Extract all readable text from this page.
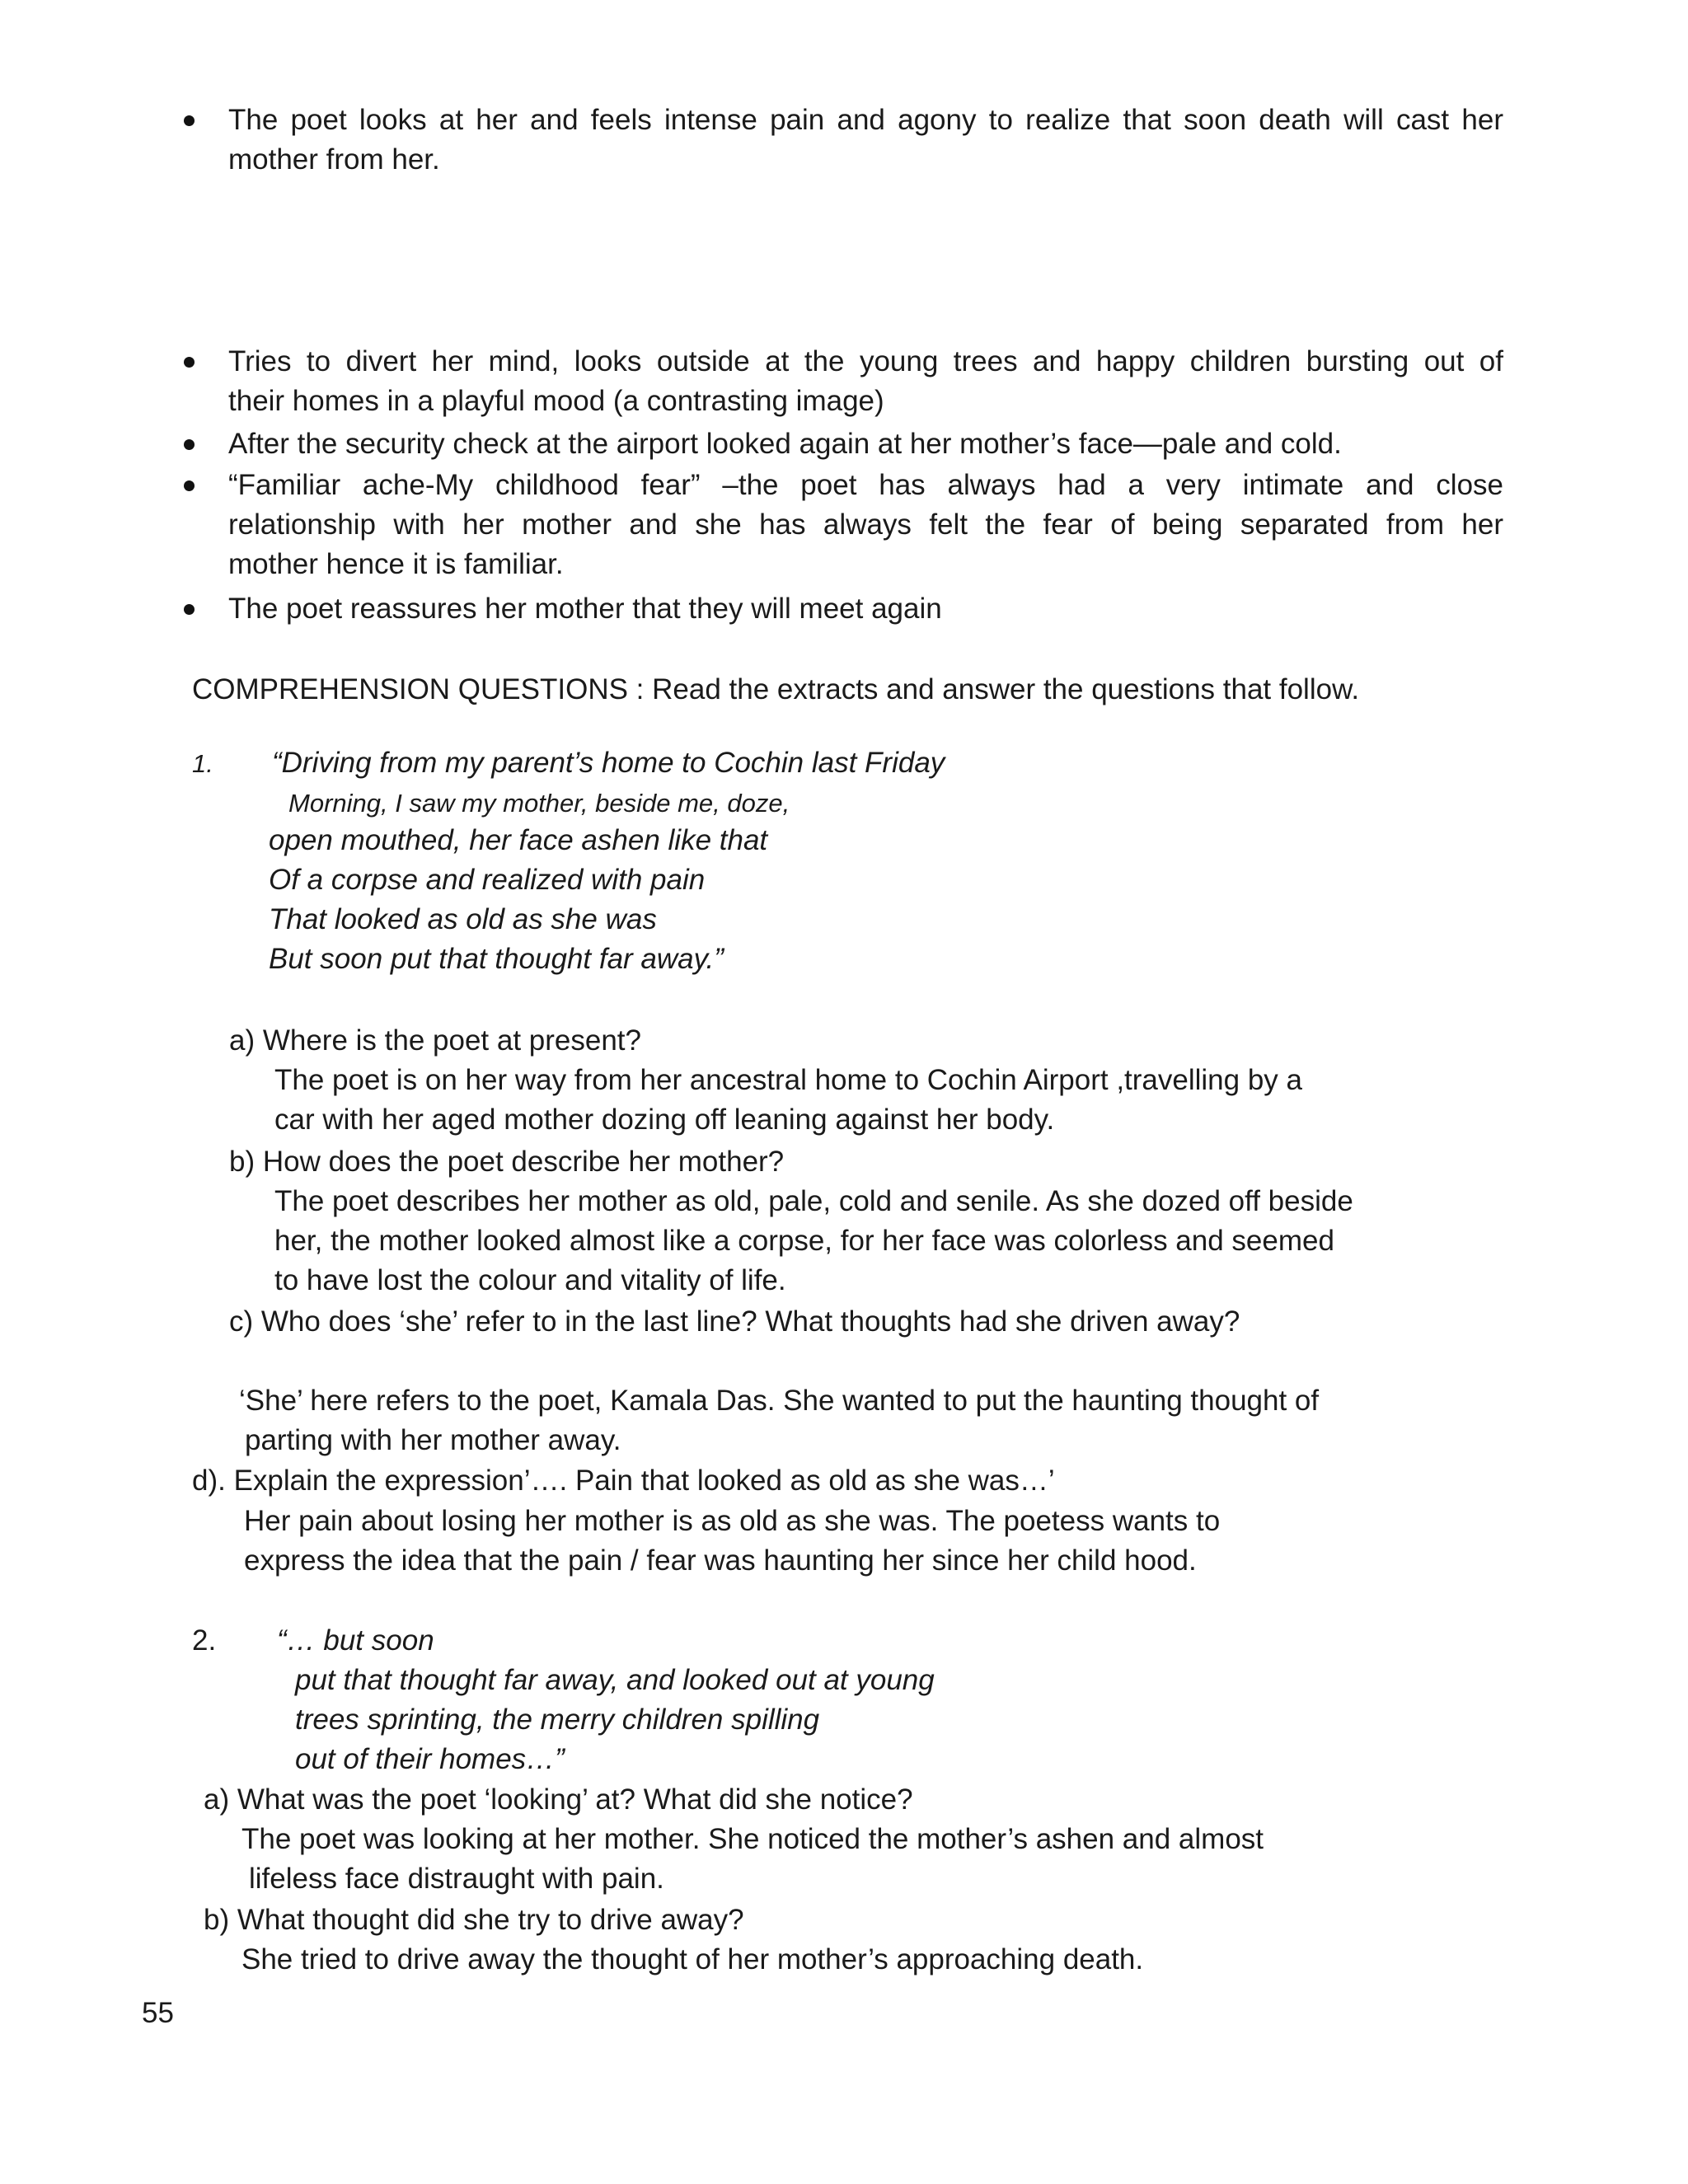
The poet looks at her and feels intense pain and agony to realize that soon death will cast her
mother from her.
Tries to divert her mind, looks outside at the young trees and happy children bursting out of
their homes in a playful mood (a contrasting image)
After the security check at the airport looked again at her mother’s face—pale and cold.
“Familiar ache-My childhood fear” –the poet has always had a very intimate and close
relationship with her mother and she has always felt the fear of being separated from her
mother hence it is familiar.
The poet reassures her mother that they will meet again
COMPREHENSION QUESTIONS : Read the extracts and answer the questions that follow.
1. “Driving from my parent’s home to Cochin last Friday
Morning, I saw my mother, beside me, doze,
open mouthed, her face ashen like that
Of a corpse and realized with pain
That looked as old as she was
But soon put that thought far away.”
a) Where is the poet at present?
The poet is on her way from her ancestral home to Cochin Airport ,travelling by a
car with her aged mother dozing off leaning against her body.
b) How does the poet describe her mother?
The poet describes her mother as old, pale, cold and senile. As she dozed off beside
her, the mother looked almost like a corpse, for her face was colorless and seemed
to have lost the colour and vitality of life.
c) Who does ‘she’ refer to in the last line? What thoughts had she driven away?
‘She’ here refers to the poet, Kamala Das. She wanted to put the haunting thought of
parting with her mother away.
d). Explain the expression’…. Pain that looked as old as she was…’
Her pain about losing her mother is as old as she was. The poetess wants to
express the idea that the pain / fear was haunting her since her child hood.
2. “… but soon
put that thought far away, and looked out at young
trees sprinting, the merry children spilling
out of their homes…”
a) What was the poet ‘looking’ at? What did she notice?
The poet was looking at her mother. She noticed the mother’s ashen and almost
lifeless face distraught with pain.
b) What thought did she try to drive away?
She tried to drive away the thought of her mother’s approaching death.
55
